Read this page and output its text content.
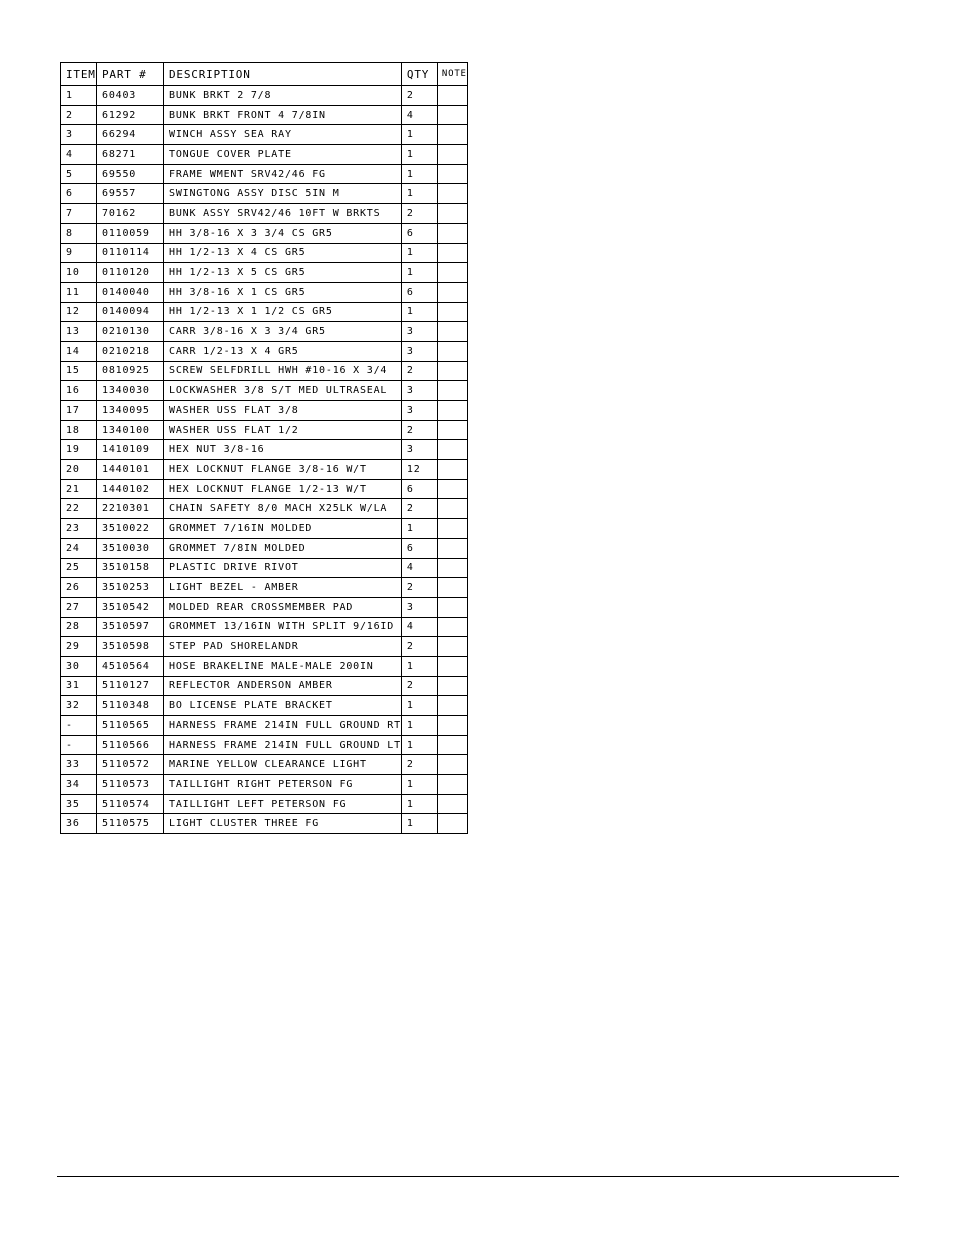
ITEM	PART #	DESCRIPTION	QTY	NOTE
1	60403	BUNK BRKT 2 7/8	2	
2	61292	BUNK BRKT FRONT 4 7/8IN	4	
3	66294	WINCH ASSY SEA RAY	1	
4	68271	TONGUE COVER PLATE	1	
5	69550	FRAME WMENT SRV42/46 FG	1	
6	69557	SWINGTONG ASSY DISC 5IN M	1	
7	70162	BUNK ASSY SRV42/46 10FT W BRKTS	2	
8	0110059	HH 3/8-16 X 3 3/4 CS GR5	6	
9	0110114	HH 1/2-13 X 4 CS GR5	1	
10	0110120	HH 1/2-13 X 5 CS GR5	1	
11	0140040	HH 3/8-16 X 1 CS GR5	6	
12	0140094	HH 1/2-13 X 1 1/2 CS GR5	1	
13	0210130	CARR 3/8-16 X 3 3/4 GR5	3	
14	0210218	CARR 1/2-13 X 4 GR5	3	
15	0810925	SCREW SELFDRILL HWH #10-16 X 3/4	2	
16	1340030	LOCKWASHER 3/8 S/T MED ULTRASEAL	3	
17	1340095	WASHER USS FLAT 3/8	3	
18	1340100	WASHER USS FLAT 1/2	2	
19	1410109	HEX NUT 3/8-16	3	
20	1440101	HEX LOCKNUT FLANGE 3/8-16 W/T	12	
21	1440102	HEX LOCKNUT FLANGE 1/2-13 W/T	6	
22	2210301	CHAIN SAFETY 8/0 MACH X25LK W/LA	2	
23	3510022	GROMMET 7/16IN MOLDED	1	
24	3510030	GROMMET 7/8IN MOLDED	6	
25	3510158	PLASTIC DRIVE RIVOT	4	
26	3510253	LIGHT BEZEL - AMBER	2	
27	3510542	MOLDED REAR CROSSMEMBER PAD	3	
28	3510597	GROMMET 13/16IN WITH SPLIT 9/16ID	4	
29	3510598	STEP PAD SHORELANDR	2	
30	4510564	HOSE BRAKELINE MALE-MALE 200IN	1	
31	5110127	REFLECTOR ANDERSON AMBER	2	
32	5110348	BO LICENSE PLATE BRACKET	1	
-	5110565	HARNESS FRAME 214IN FULL GROUND RT	1	
-	5110566	HARNESS FRAME 214IN FULL GROUND LT	1	
33	5110572	MARINE YELLOW CLEARANCE LIGHT	2	
34	5110573	TAILLIGHT RIGHT PETERSON FG	1	
35	5110574	TAILLIGHT LEFT PETERSON FG	1	
36	5110575	LIGHT CLUSTER THREE FG	1	
